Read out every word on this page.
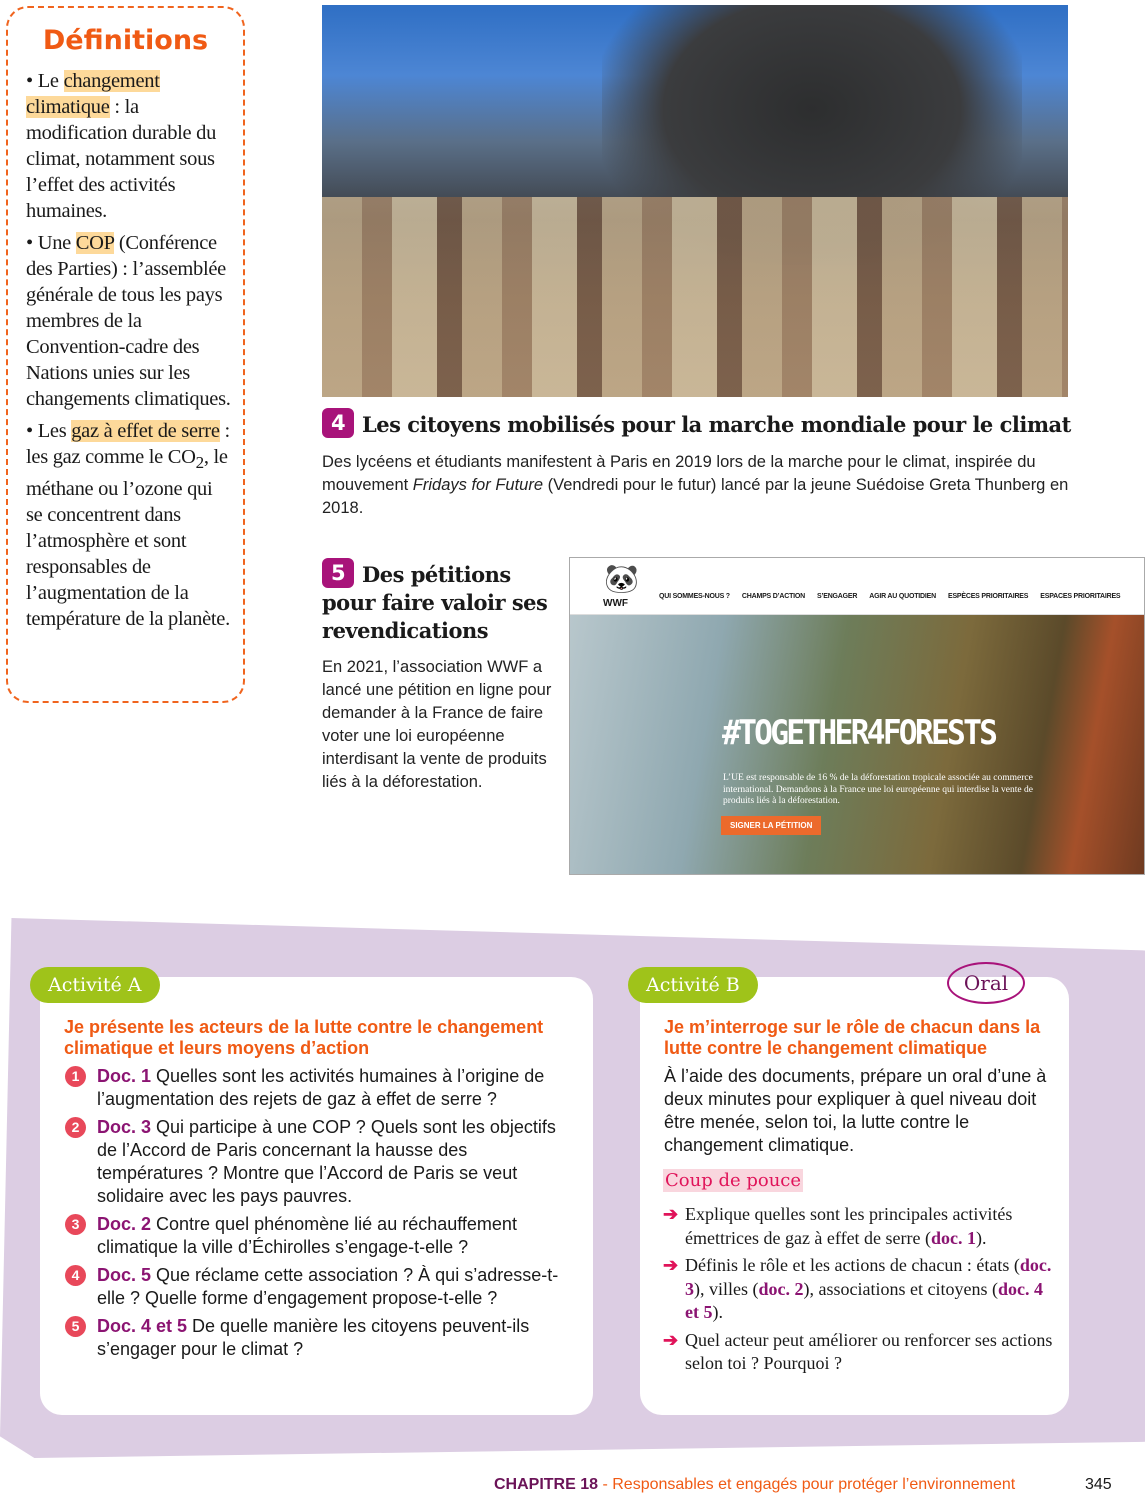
Définitions
• Le changement climatique : la modification durable du climat, notamment sous l’effet des activités humaines.
• Une COP (Conférence des Parties) : l’assemblée générale de tous les pays membres de la Convention-cadre des Nations unies sur les changements climatiques.
• Les gaz à effet de serre : les gaz comme le $CO_2$, le méthane ou l’ozone qui se concentrent dans l’atmosphère et sont responsables de l’augmentation de la température de la planète.
4 Les citoyens mobilisés pour la marche mondiale pour le climat
Des lycéens et étudiants manifestent à Paris en 2019 lors de la marche pour le climat, inspirée du mouvement Fridays for Future (Vendredi pour le futur) lancé par la jeune Suédoise Greta Thunberg en 2018.
5 Des pétitions pour faire valoir ses revendications
En 2021, l’association WWF a lancé une pétition en ligne pour demander à la France de faire voter une loi européenne interdisant la vente de produits liés à la déforestation.
🐼
WWF
QUI SOMMES-NOUS ? CHAMPS D’ACTION S’ENGAGER AGIR AU QUOTIDIEN ESPÈCES PRIORITAIRES ESPACES PRIORITAIRES
#TOGETHER4FORESTS
L’UE est responsable de 16 % de la déforestation tropicale associée au commerce international. Demandons à la France une loi européenne qui interdise la vente de produits liés à la déforestation.
SIGNER LA PÉTITION
Je présente les acteurs de la lutte contre le changement climatique et leurs moyens d’action
1 Doc. 1 Quelles sont les activités humaines à l’origine de l’augmentation des rejets de gaz à effet de serre ?
2 Doc. 3 Qui participe à une COP ? Quels sont les objectifs de l’Accord de Paris concernant la hausse des températures ? Montre que l’Accord de Paris se veut solidaire avec les pays pauvres.
3 Doc. 2 Contre quel phénomène lié au réchauffement climatique la ville d’Échirolles s’engage-t-elle ?
4 Doc. 5 Que réclame cette association ? À qui s’adresse-t-elle ? Quelle forme d’engagement propose-t-elle ?
5 Doc. 4 et 5 De quelle manière les citoyens peuvent-ils s’engager pour le climat ?
Activité A
Je m’interroge sur le rôle de chacun dans la lutte contre le changement climatique
À l’aide des documents, prépare un oral d’une à deux minutes pour expliquer à quel niveau doit être menée, selon toi, la lutte contre le changement climatique.
➔ Explique quelles sont les principales activités émettrices de gaz à effet de serre (doc. 1).
➔ Définis le rôle et les actions de chacun : états (doc. 3), villes (doc. 2), associations et citoyens (doc. 4 et 5).
➔ Quel acteur peut améliorer ou renforcer ses actions selon toi ? Pourquoi ?
Activité B	Oral
Coup de pouce
CHAPITRE 18 - Responsables et engagés pour protéger l’environnement	345
